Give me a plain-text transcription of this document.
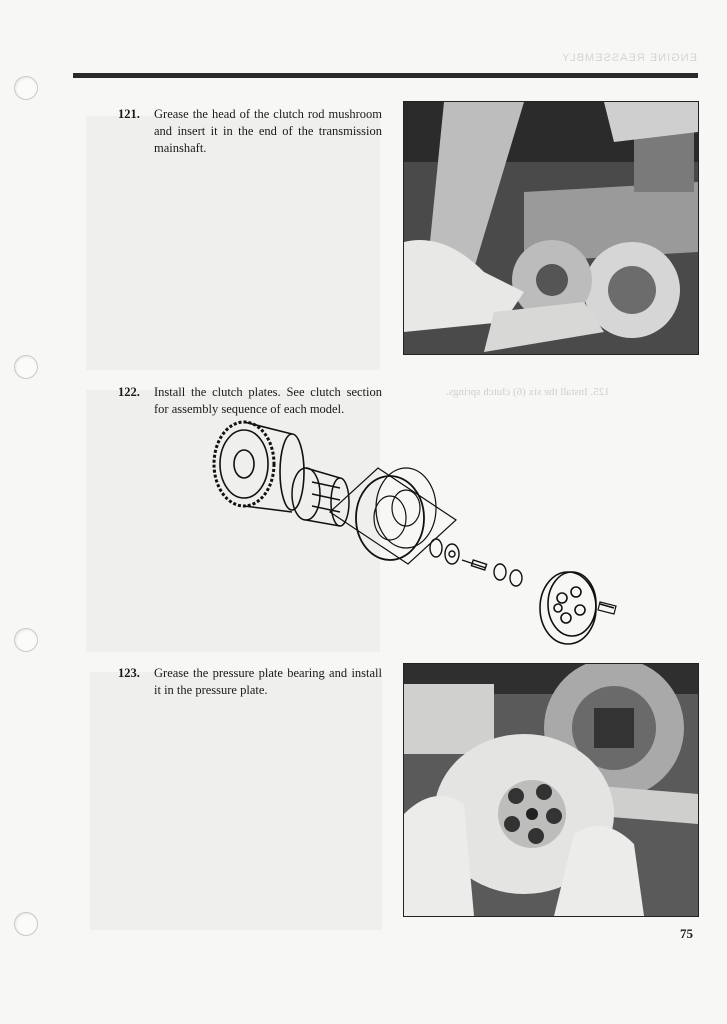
ENGINE REASSEMBLY
121. Grease the head of the clutch rod mushroom and insert it in the end of the transmission mainshaft.
122. Install the clutch plates. See clutch section for assembly sequence of each model.
125. Install the six (6) clutch springs.
123. Grease the pressure plate bearing and install it in the pressure plate.
75
